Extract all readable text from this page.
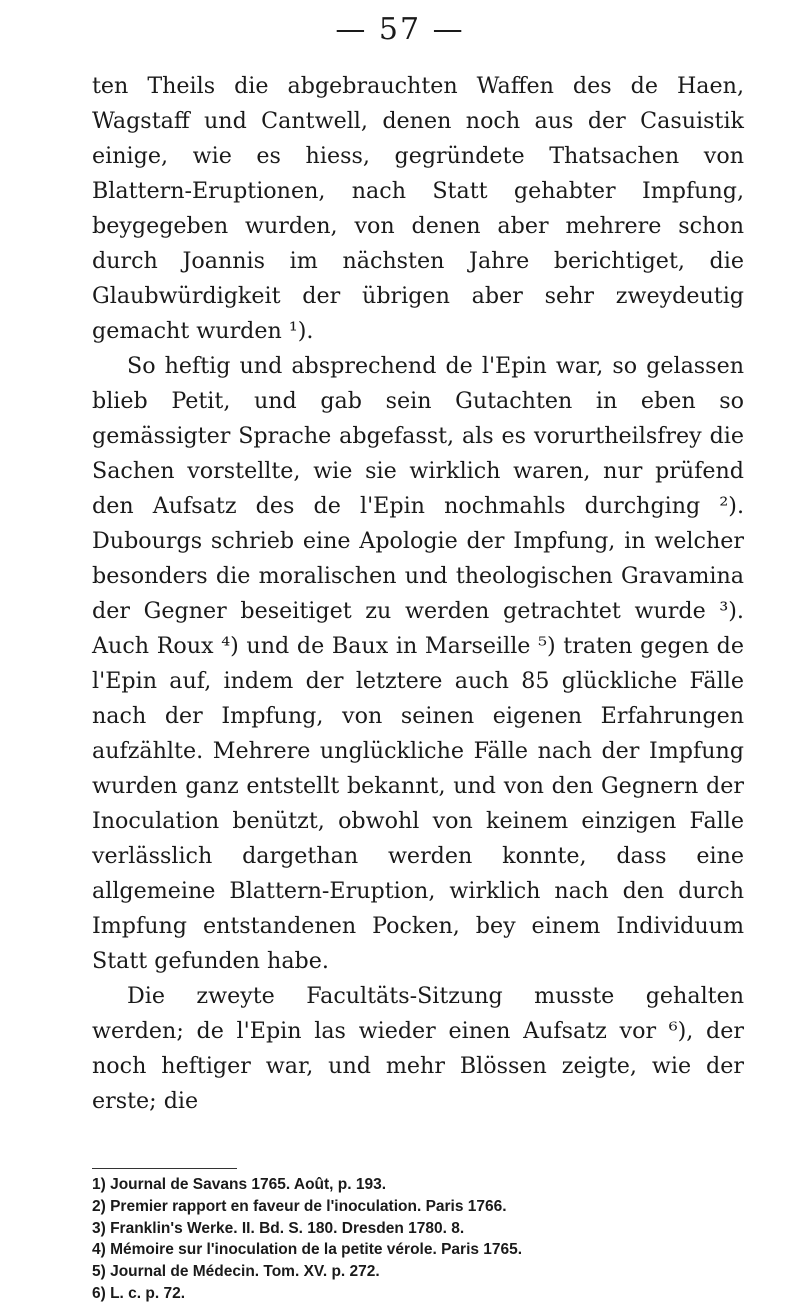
— 57 —

ten Theils die abgebrauchten Waffen des de Haen, Wagstaff und Cantwell, denen noch aus der Casuistik einige, wie es hiess, gegründete Thatsachen von Blattern-Eruptionen, nach Statt gehabter Impfung, beygegeben wurden, von denen aber mehrere schon durch Joannis im nächsten Jahre berichtiget, die Glaubwürdigkeit der übrigen aber sehr zweydeutig gemacht wurden ¹).

So heftig und absprechend de l'Epin war, so gelassen blieb Petit, und gab sein Gutachten in eben so gemässigter Sprache abgefasst, als es vorurtheilsfrey die Sachen vorstellte, wie sie wirklich waren, nur prüfend den Aufsatz des de l'Epin nochmahls durchging ²). Dubourgs schrieb eine Apologie der Impfung, in welcher besonders die moralischen und theologischen Gravamina der Gegner beseitiget zu werden getrachtet wurde ³). Auch Roux ⁴) und de Baux in Marseille ⁵) traten gegen de l'Epin auf, indem der letztere auch 85 glückliche Fälle nach der Impfung, von seinen eigenen Erfahrungen aufzählte. Mehrere unglückliche Fälle nach der Impfung wurden ganz entstellt bekannt, und von den Gegnern der Inoculation benützt, obwohl von keinem einzigen Falle verlässlich dargethan werden konnte, dass eine allgemeine Blattern-Eruption, wirklich nach den durch Impfung entstandenen Pocken, bey einem Individuum Statt gefunden habe.

Die zweyte Facultäts-Sitzung musste gehalten werden; de l'Epin las wieder einen Aufsatz vor ⁶), der noch heftiger war, und mehr Blössen zeigte, wie der erste; die

1) Journal de Savans 1765. Août, p. 193.
2) Premier rapport en faveur de l'inoculation. Paris 1766.
3) Franklin's Werke. II. Bd. S. 180. Dresden 1780. 8.
4) Mémoire sur l'inoculation de la petite vérole. Paris 1765.
5) Journal de Médecin. Tom. XV. p. 272.
6) L. c. p. 72.
